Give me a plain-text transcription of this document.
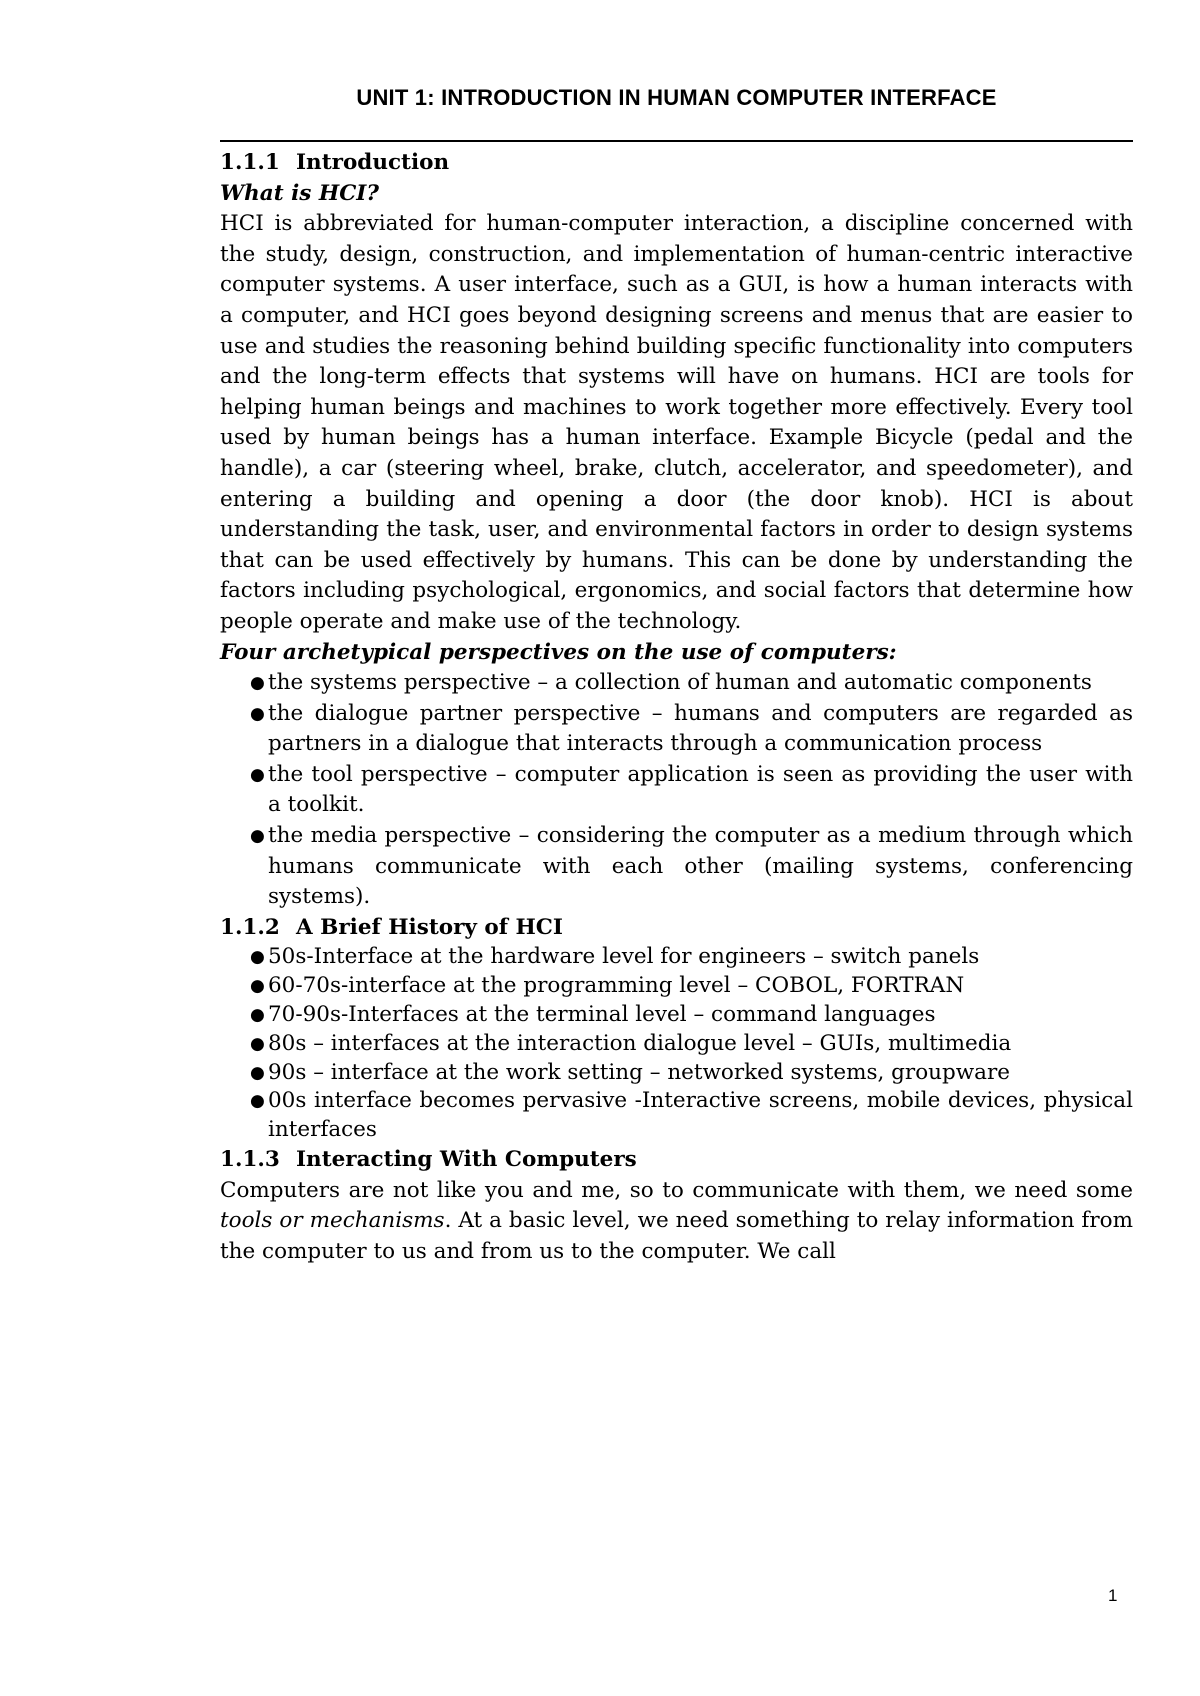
UNIT 1: INTRODUCTION IN HUMAN COMPUTER INTERFACE
1.1.1 Introduction
What is HCI?

HCI is abbreviated for human-computer interaction, a discipline concerned with the study, design, construction, and implementation of human-centric interactive computer systems. A user interface, such as a GUI, is how a human interacts with a computer, and HCI goes beyond designing screens and menus that are easier to use and studies the reasoning behind building specific functionality into computers and the long-term effects that systems will have on humans. HCI are tools for helping human beings and machines to work together more effectively. Every tool used by human beings has a human interface. Example Bicycle (pedal and the handle), a car (steering wheel, brake, clutch, accelerator, and speedometer), and entering a building and opening a door (the door knob). HCI is about understanding the task, user, and environmental factors in order to design systems that can be used effectively by humans. This can be done by understanding the factors including psychological, ergonomics, and social factors that determine how people operate and make use of the technology.

Four archetypical perspectives on the use of computers:
● the systems perspective – a collection of human and automatic components
● the dialogue partner perspective – humans and computers are regarded as partners in a dialogue that interacts through a communication process
● the tool perspective – computer application is seen as providing the user with a toolkit.
● the media perspective – considering the computer as a medium through which humans communicate with each other (mailing systems, conferencing systems).
1.1.2 A Brief History of HCI
● 50s-Interface at the hardware level for engineers – switch panels
● 60-70s-interface at the programming level – COBOL, FORTRAN
● 70-90s-Interfaces at the terminal level – command languages
● 80s – interfaces at the interaction dialogue level – GUIs, multimedia
● 90s – interface at the work setting – networked systems, groupware
● 00s interface becomes pervasive -Interactive screens, mobile devices, physical interfaces
1.1.3 Interacting With Computers

Computers are not like you and me, so to communicate with them, we need some tools or mechanisms. At a basic level, we need something to relay information from the computer to us and from us to the computer. We call

1
